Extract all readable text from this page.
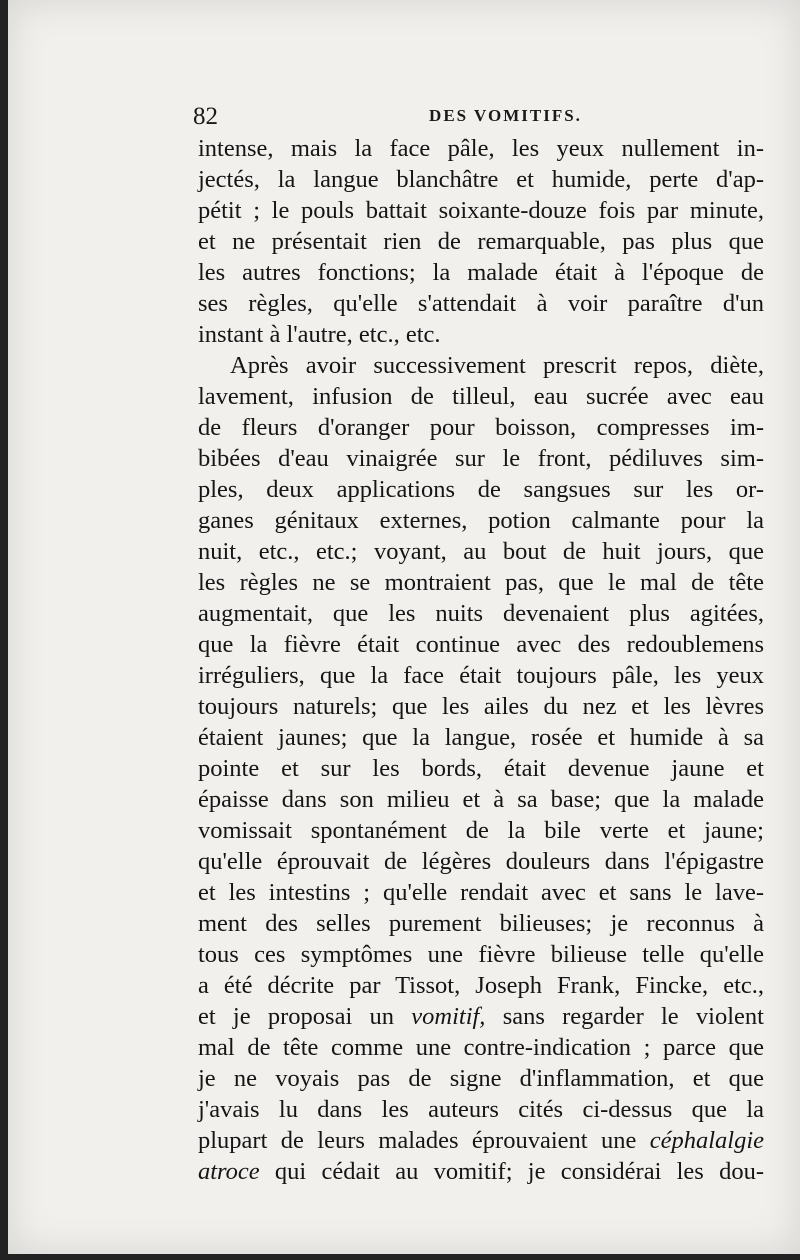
82	DES VOMITIFS.
intense, mais la face pâle, les yeux nullement in-
jectés, la langue blanchâtre et humide, perte d'ap-
pétit ; le pouls battait soixante-douze fois par minute,
et ne présentait rien de remarquable, pas plus que
les autres fonctions; la malade était à l'époque de
ses règles, qu'elle s'attendait à voir paraître d'un
instant à l'autre, etc., etc.
Après avoir successivement prescrit repos, diète,
lavement, infusion de tilleul, eau sucrée avec eau
de fleurs d'oranger pour boisson, compresses im-
bibées d'eau vinaigrée sur le front, pédiluves sim-
ples, deux applications de sangsues sur les or-
ganes génitaux externes, potion calmante pour la
nuit, etc., etc.; voyant, au bout de huit jours, que
les règles ne se montraient pas, que le mal de tête
augmentait, que les nuits devenaient plus agitées,
que la fièvre était continue avec des redoublemens
irréguliers, que la face était toujours pâle, les yeux
toujours naturels; que les ailes du nez et les lèvres
étaient jaunes; que la langue, rosée et humide à sa
pointe et sur les bords, était devenue jaune et
épaisse dans son milieu et à sa base; que la malade
vomissait spontanément de la bile verte et jaune;
qu'elle éprouvait de légères douleurs dans l'épigastre
et les intestins ; qu'elle rendait avec et sans le lave-
ment des selles purement bilieuses; je reconnus à
tous ces symptômes une fièvre bilieuse telle qu'elle
a été décrite par Tissot, Joseph Frank, Fincke, etc.,
et je proposai un vomitif, sans regarder le violent
mal de tête comme une contre-indication ; parce que
je ne voyais pas de signe d'inflammation, et que
j'avais lu dans les auteurs cités ci-dessus que la
plupart de leurs malades éprouvaient une céphalalgie
atroce qui cédait au vomitif; je considérai les dou-
